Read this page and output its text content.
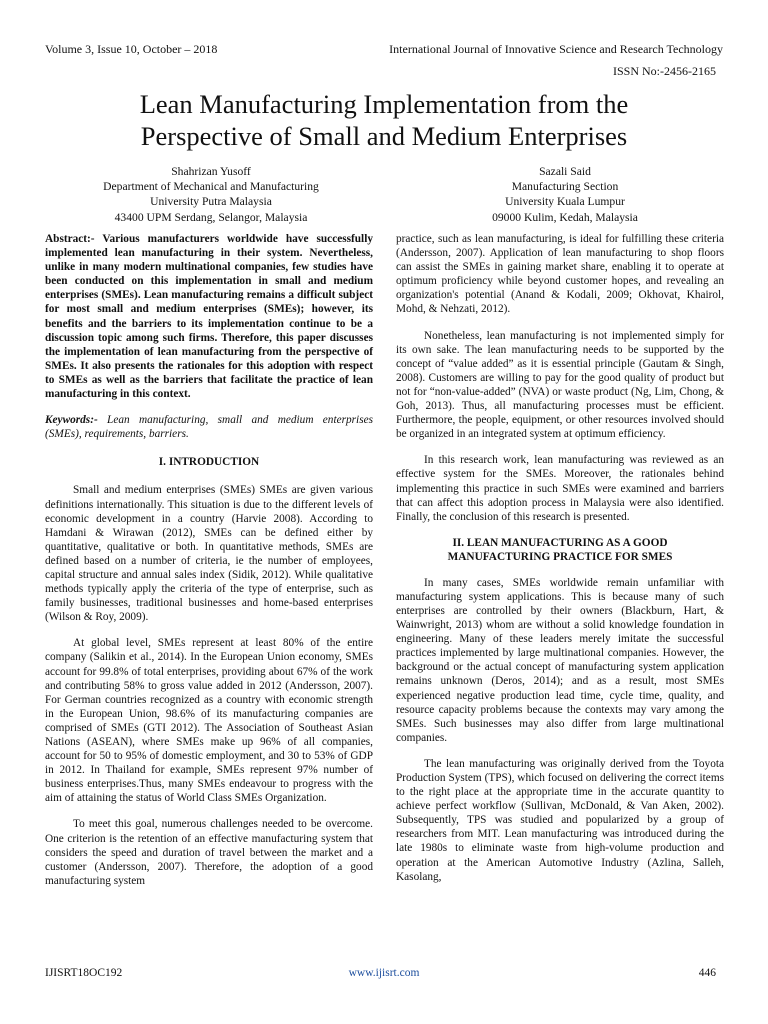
Volume 3, Issue 10, October – 2018	International Journal of Innovative Science and Research Technology
ISSN No:-2456-2165
Lean Manufacturing Implementation from the
Perspective of Small and Medium Enterprises
Shahrizan Yusoff
Department of Mechanical and Manufacturing
University Putra Malaysia
43400 UPM Serdang, Selangor, Malaysia
Sazali Said
Manufacturing Section
University Kuala Lumpur
09000 Kulim, Kedah, Malaysia

Abstract:- Various manufacturers worldwide have successfully implemented lean manufacturing in their system. Nevertheless, unlike in many modern multinational companies, few studies have been conducted on this implementation in small and medium enterprises (SMEs). Lean manufacturing remains a difficult subject for most small and medium enterprises (SMEs); however, its benefits and the barriers to its implementation continue to be a discussion topic among such firms. Therefore, this paper discusses the implementation of lean manufacturing from the perspective of SMEs. It also presents the rationales for this adoption with respect to SMEs as well as the barriers that facilitate the practice of lean manufacturing in this context.

Keywords:- Lean manufacturing, small and medium enterprises (SMEs), requirements, barriers.

I. INTRODUCTION

Small and medium enterprises (SMEs) SMEs are given various definitions internationally. This situation is due to the different levels of economic development in a country (Harvie 2008). According to Hamdani & Wirawan (2012), SMEs can be defined either by quantitative, qualitative or both. In quantitative methods, SMEs are defined based on a number of criteria, ie the number of employees, capital structure and annual sales index (Sidik, 2012). While qualitative methods typically apply the criteria of the type of enterprise, such as family businesses, traditional businesses and home-based enterprises (Wilson & Roy, 2009).

At global level, SMEs represent at least 80% of the entire company (Salikin et al., 2014). In the European Union economy, SMEs account for 99.8% of total enterprises, providing about 67% of the work and contributing 58% to gross value added in 2012 (Andersson, 2007). For German countries recognized as a country with economic strength in the European Union, 98.6% of its manufacturing companies are comprised of SMEs (GTI 2012). The Association of Southeast Asian Nations (ASEAN), where SMEs make up 96% of all companies, account for 50 to 95% of domestic employment, and 30 to 53% of GDP in 2012. In Thailand for example, SMEs represent 97% number of business enterprises.Thus, many SMEs endeavour to progress with the aim of attaining the status of World Class SMEs Organization.

To meet this goal, numerous challenges needed to be overcome. One criterion is the retention of an effective manufacturing system that considers the speed and duration of travel between the market and a customer (Andersson, 2007). Therefore, the adoption of a good manufacturing system

practice, such as lean manufacturing, is ideal for fulfilling these criteria (Andersson, 2007). Application of lean manufacturing to shop floors can assist the SMEs in gaining market share, enabling it to operate at optimum proficiency while beyond customer hopes, and revealing an organization's potential (Anand & Kodali, 2009; Okhovat, Khairol, Mohd, & Nehzati, 2012).

Nonetheless, lean manufacturing is not implemented simply for its own sake. The lean manufacturing needs to be supported by the concept of “value added” as it is essential principle (Gautam & Singh, 2008). Customers are willing to pay for the good quality of product but not for “non-value-added” (NVA) or waste product (Ng, Lim, Chong, & Goh, 2013). Thus, all manufacturing processes must be efficient. Furthermore, the people, equipment, or other resources involved should be organized in an integrated system at optimum efficiency.

In this research work, lean manufacturing was reviewed as an effective system for the SMEs. Moreover, the rationales behind implementing this practice in such SMEs were examined and barriers that can affect this adoption process in Malaysia were also identified. Finally, the conclusion of this research is presented.

II. LEAN MANUFACTURING AS A GOOD
MANUFACTURING PRACTICE FOR SMES

In many cases, SMEs worldwide remain unfamiliar with manufacturing system applications. This is because many of such enterprises are controlled by their owners (Blackburn, Hart, & Wainwright, 2013) whom are without a solid knowledge foundation in engineering. Many of these leaders merely imitate the successful practices implemented by large multinational companies. However, the background or the actual concept of manufacturing system application remains unknown (Deros, 2014); and as a result, most SMEs experienced negative production lead time, cycle time, quality, and resource capacity problems because the contexts may vary among the SMEs. Such businesses may also differ from large multinational companies.

The lean manufacturing was originally derived from the Toyota Production System (TPS), which focused on delivering the correct items to the right place at the appropriate time in the accurate quantity to achieve perfect workflow (Sullivan, McDonald, & Van Aken, 2002). Subsequently, TPS was studied and popularized by a group of researchers from MIT. Lean manufacturing was introduced during the late 1980s to eliminate waste from high-volume production and operation at the American Automotive Industry (Azlina, Salleh, Kasolang,

IJISRT18OC192	www.ijisrt.com	446
